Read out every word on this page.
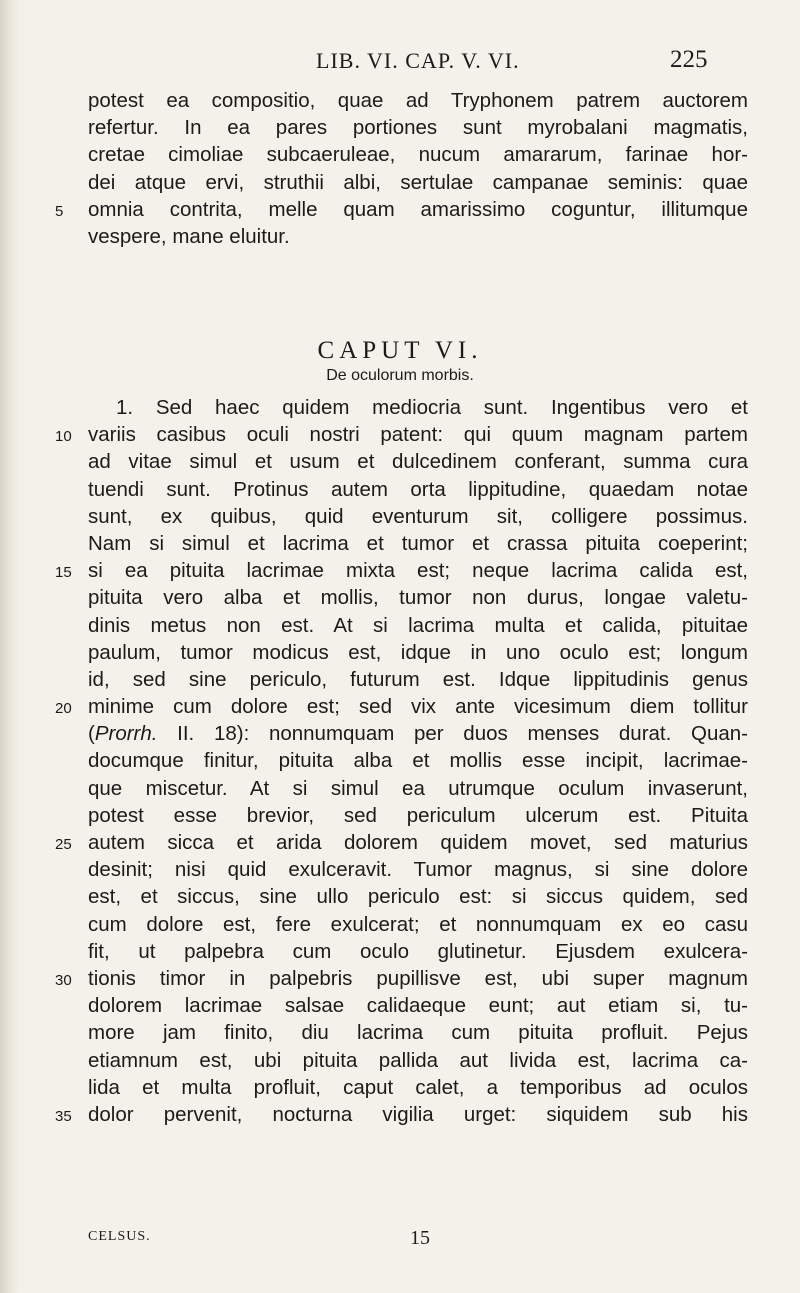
LIB. VI. CAP. V. VI.	225
potest ea compositio, quae ad Tryphonem patrem auctorem
refertur. In ea pares portiones sunt myrobalani magmatis,
cretae cimoliae subcaeruleae, nucum amararum, farinae hor-
dei atque ervi, struthii albi, sertulae campanae seminis: quae
5	omnia contrita, melle quam amarissimo coguntur, illitumque
vespere, mane eluitur.
CAPUT VI.
De oculorum morbis.
1. Sed haec quidem mediocria sunt. Ingentibus vero et
10 variis casibus oculi nostri patent: qui quum magnam partem
ad vitae simul et usum et dulcedinem conferant, summa cura
tuendi sunt. Protinus autem orta lippitudine, quaedam notae
sunt, ex quibus, quid eventurum sit, colligere possimus.
Nam si simul et lacrima et tumor et crassa pituita coeperint;
15 si ea pituita lacrimae mixta est; neque lacrima calida est,
pituita vero alba et mollis, tumor non durus, longae valetu-
dinis metus non est. At si lacrima multa et calida, pituitae
paulum, tumor modicus est, idque in uno oculo est; longum
id, sed sine periculo, futurum est. Idque lippitudinis genus
20 minime cum dolore est; sed vix ante vicesimum diem tollitur
(Prorrh. II. 18): nonnumquam per duos menses durat. Quan-
documque finitur, pituita alba et mollis esse incipit, lacrimae-
que miscetur. At si simul ea utrumque oculum invaserunt,
potest esse brevior, sed periculum ulcerum est. Pituita
25 autem sicca et arida dolorem quidem movet, sed maturius
desinit; nisi quid exulceravit. Tumor magnus, si sine dolore
est, et siccus, sine ullo periculo est: si siccus quidem, sed
cum dolore est, fere exulcerat; et nonnumquam ex eo casu
fit, ut palpebra cum oculo glutinetur. Ejusdem exulcera-
30 tionis timor in palpebris pupillisve est, ubi super magnum
dolorem lacrimae salsae calidaeque eunt; aut etiam si, tu-
more jam finito, diu lacrima cum pituita profluit. Pejus
etiamnum est, ubi pituita pallida aut livida est, lacrima ca-
lida et multa profluit, caput calet, a temporibus ad oculos
35 dolor pervenit, nocturna vigilia urget: siquidem sub his
CELSUS.	15
